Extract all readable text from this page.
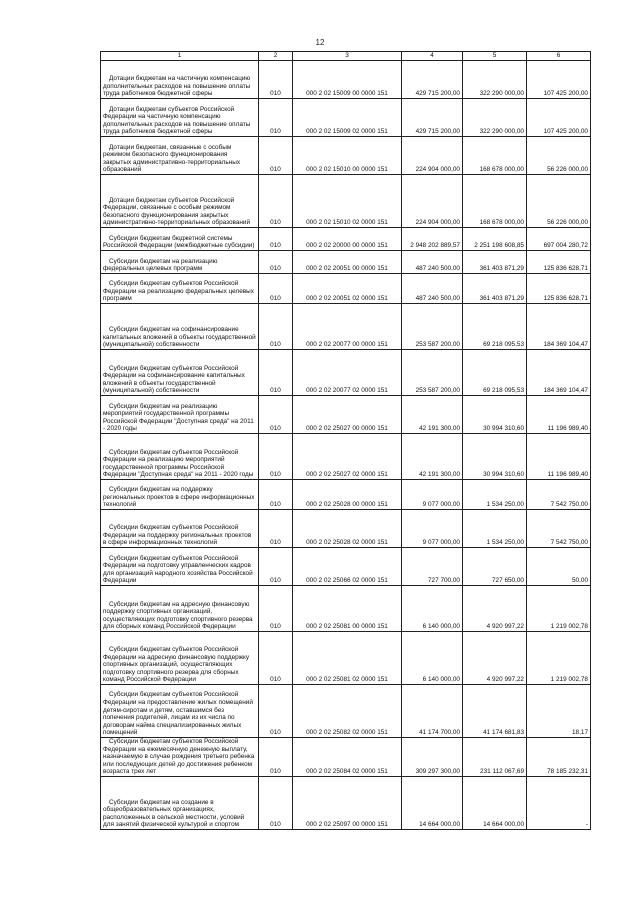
12
1	2	3	4	5	6
Дотации бюджетам на частичную компенсацию дополнительных расходов на повышение оплаты труда работников бюджетной сферы	010	000 2 02 15009 00 0000 151	429 715 200,00	322 290 000,00	107 425 200,00
Дотации бюджетам субъектов Российской Федерации на частичную компенсацию дополнительных расходов на повышение оплаты труда работников бюджетной сферы	010	000 2 02 15009 02 0000 151	429 715 200,00	322 290 000,00	107 425 200,00
Дотации бюджетам, связанные с особым режимом безопасного функционирования закрытых административно-территориальных образований	010	000 2 02 15010 00 0000 151	224 904 000,00	168 678 000,00	56 226 000,00
Дотации бюджетам субъектов Российской Федерации, связанные с особым режимом безопасного функционирования закрытых административно-территориальных образований	010	000 2 02 15010 02 0000 151	224 904 000,00	168 678 000,00	56 226 000,00
Субсидии бюджетам бюджетной системы Российской Федерации (межбюджетные субсидии)	010	000 2 02 20000 00 0000 151	2 948 202 889,57	2 251 198 608,85	697 004 280,72
Субсидии бюджетам на реализацию федеральных целевых программ	010	000 2 02 20051 00 0000 151	487 240 500,00	361 403 871,29	125 836 628,71
Субсидии бюджетам субъектов Российской Федерации на реализацию федеральных целевых программ	010	000 2 02 20051 02 0000 151	487 240 500,00	361 403 871,29	125 836 628,71
Субсидии бюджетам на софинансирование капитальных вложений в объекты государственной (муниципальной) собственности	010	000 2 02 20077 00 0000 151	253 587 200,00	69 218 095,53	184 369 104,47
Субсидии бюджетам субъектов Российской Федерации на софинансирование капитальных вложений в объекты государственной (муниципальной) собственности	010	000 2 02 20077 02 0000 151	253 587 200,00	69 218 095,53	184 369 104,47
Субсидии бюджетам на реализацию мероприятий государственной программы Российской Федерации "Доступная среда" на 2011 - 2020 годы	010	000 2 02 25027 00 0000 151	42 191 300,00	30 994 310,60	11 196 989,40
Субсидии бюджетам субъектов Российской Федерации на реализацию мероприятий государственной программы Российской Федерации "Доступная среда" на 2011 - 2020 годы	010	000 2 02 25027 02 0000 151	42 191 300,00	30 994 310,60	11 196 989,40
Субсидии бюджетам на поддержку региональных проектов в сфере информационных технологий	010	000 2 02 25028 00 0000 151	9 077 000,00	1 534 250,00	7 542 750,00
Субсидии бюджетам субъектов Российской Федерации на поддержку региональных проектов в сфере информационных технологий	010	000 2 02 25028 02 0000 151	9 077 000,00	1 534 250,00	7 542 750,00
Субсидии бюджетам субъектов Российской Федерации на подготовку управленческих кадров для организаций народного хозяйства Российской Федерации	010	000 2 02 25066 02 0000 151	727 700,00	727 650,00	50,00
Субсидии бюджетам на адресную финансовую поддержку спортивных организаций, осуществляющих подготовку спортивного резерва для сборных команд Российской Федерации	010	000 2 02 25081 00 0000 151	6 140 000,00	4 920 997,22	1 219 002,78
Субсидии бюджетам субъектов Российской Федерации на адресную финансовую поддержку спортивных организаций, осуществляющих подготовку спортивного резерва для сборных команд Российской Федерации	010	000 2 02 25081 02 0000 151	6 140 000,00	4 920 997,22	1 219 002,78
Субсидии бюджетам субъектов Российской Федерации на предоставление жилых помещений детям-сиротам и детям, оставшимся без попечения родителей, лицам из их числа по договорам найма специализированных жилых помещений	010	000 2 02 25082 02 0000 151	41 174 700,00	41 174 681,83	18,17
Субсидии бюджетам субъектов Российской Федерации на ежемесячную денежную выплату, назначаемую в случае рождения третьего ребенка или последующих детей до достижения ребенком возраста трех лет	010	000 2 02 25084 02 0000 151	309 297 300,00	231 112 067,69	78 185 232,31
Субсидии бюджетам на создание в общеобразовательных организациях, расположенных в сельской местности, условий для занятий физической культурой и спортом	010	000 2 02 25097 00 0000 151	14 664 000,00	14 664 000,00	-
